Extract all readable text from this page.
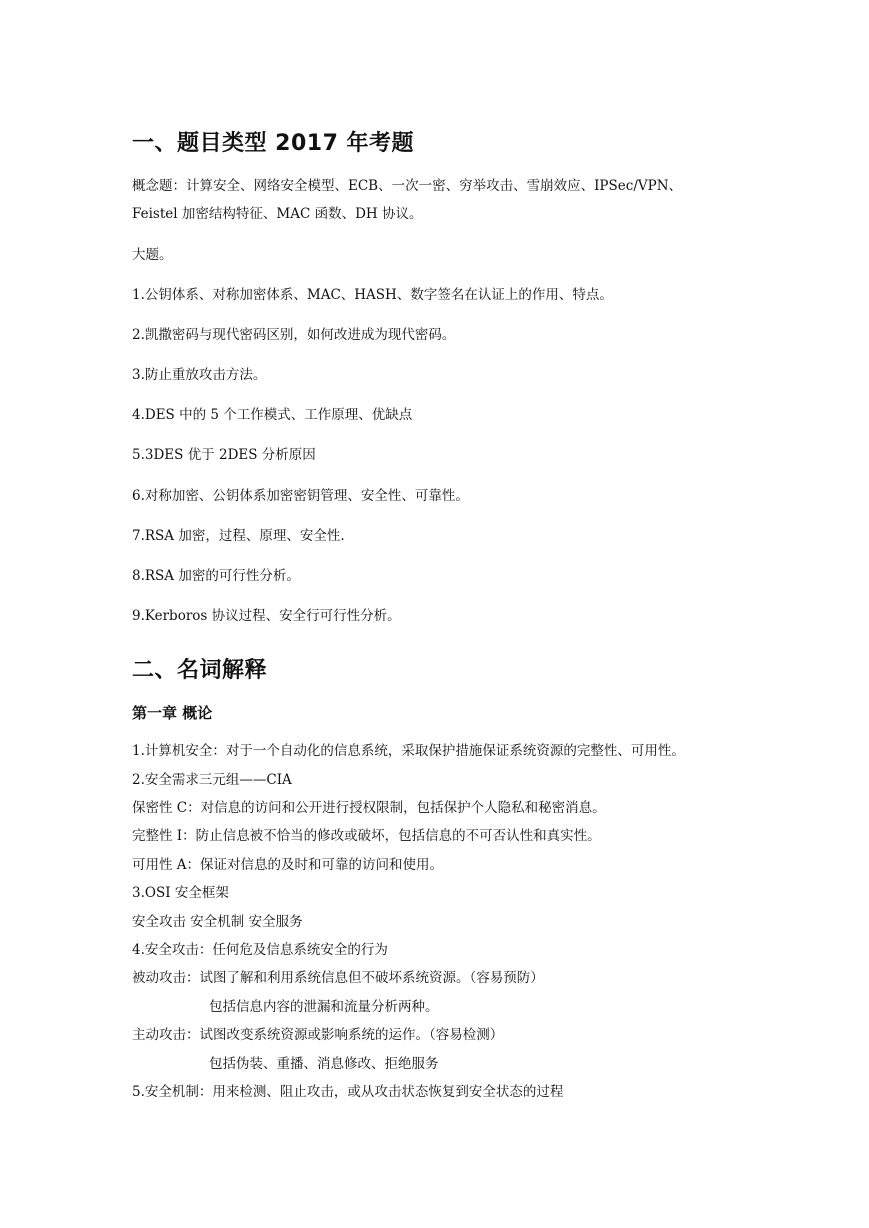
一、题目类型 2017 年考题
概念题：计算安全、网络安全模型、ECB、一次一密、穷举攻击、雪崩效应、IPSec/VPN、
Feistel 加密结构特征、MAC 函数、DH 协议。
大题。
1.公钥体系、对称加密体系、MAC、HASH、数字签名在认证上的作用、特点。
2.凯撒密码与现代密码区别，如何改进成为现代密码。
3.防止重放攻击方法。
4.DES 中的 5 个工作模式、工作原理、优缺点
5.3DES 优于 2DES 分析原因
6.对称加密、公钥体系加密密钥管理、安全性、可靠性。
7.RSA 加密，过程、原理、安全性.
8.RSA 加密的可行性分析。
9.Kerboros 协议过程、安全行可行性分析。
二、名词解释
第一章 概论
1.计算机安全：对于一个自动化的信息系统，采取保护措施保证系统资源的完整性、可用性。
2.安全需求三元组——CIA
保密性 C：对信息的访问和公开进行授权限制，包括保护个人隐私和秘密消息。
完整性 I：防止信息被不恰当的修改或破坏，包括信息的不可否认性和真实性。
可用性 A：保证对信息的及时和可靠的访问和使用。
3.OSI 安全框架
安全攻击 安全机制 安全服务
4.安全攻击：任何危及信息系统安全的行为
被动攻击：试图了解和利用系统信息但不破坏系统资源。（容易预防）
包括信息内容的泄漏和流量分析两种。
主动攻击：试图改变系统资源或影响系统的运作。（容易检测）
包括伪装、重播、消息修改、拒绝服务
5.安全机制：用来检测、阻止攻击，或从攻击状态恢复到安全状态的过程
